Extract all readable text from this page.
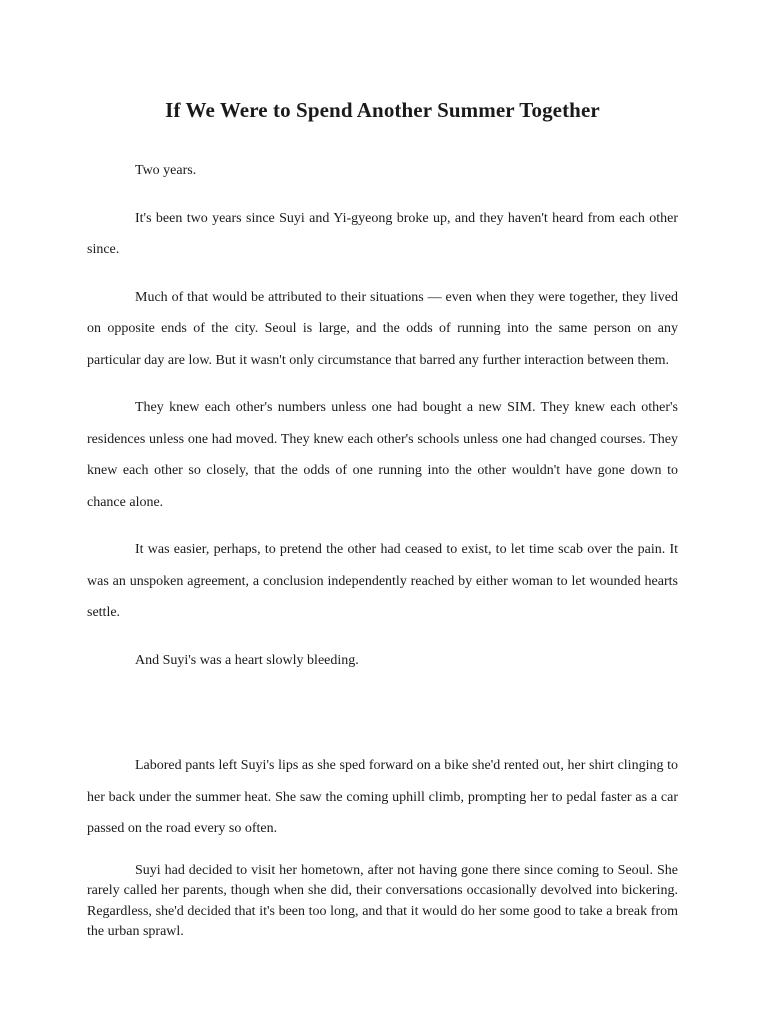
If We Were to Spend Another Summer Together

Two years.

It's been two years since Suyi and Yi-gyeong broke up, and they haven't heard from each other since.

Much of that would be attributed to their situations — even when they were together, they lived on opposite ends of the city. Seoul is large, and the odds of running into the same person on any particular day are low. But it wasn't only circumstance that barred any further interaction between them.

They knew each other's numbers unless one had bought a new SIM. They knew each other's residences unless one had moved. They knew each other's schools unless one had changed courses. They knew each other so closely, that the odds of one running into the other wouldn't have gone down to chance alone.

It was easier, perhaps, to pretend the other had ceased to exist, to let time scab over the pain. It was an unspoken agreement, a conclusion independently reached by either woman to let wounded hearts settle.

And Suyi's was a heart slowly bleeding.

Labored pants left Suyi's lips as she sped forward on a bike she'd rented out, her shirt clinging to her back under the summer heat. She saw the coming uphill climb, prompting her to pedal faster as a car passed on the road every so often.

Suyi had decided to visit her hometown, after not having gone there since coming to Seoul. She rarely called her parents, though when she did, their conversations occasionally devolved into bickering. Regardless, she'd decided that it's been too long, and that it would do her some good to take a break from the urban sprawl.
